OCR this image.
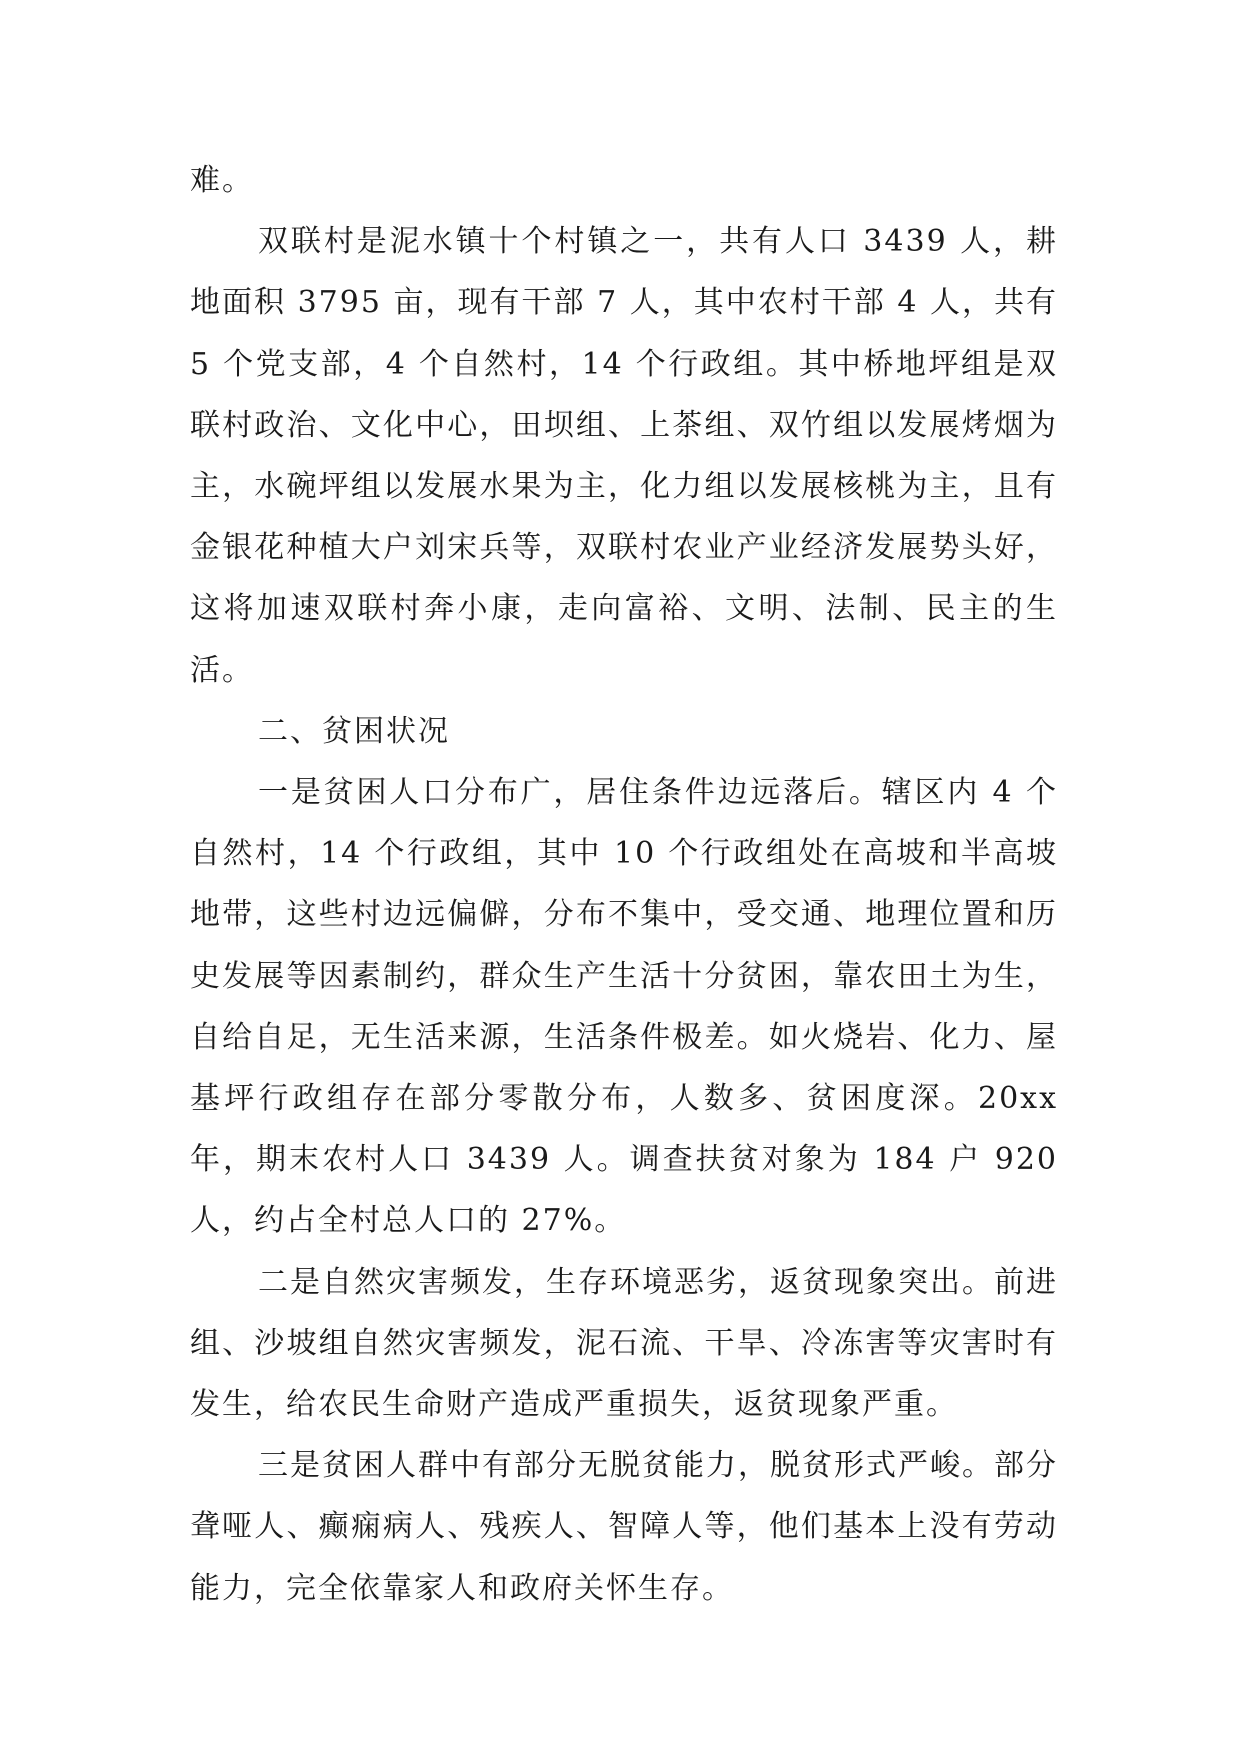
难。

双联村是泥水镇十个村镇之一，共有人口 3439 人，耕地面积 3795 亩，现有干部 7 人，其中农村干部 4 人，共有 5 个党支部，4 个自然村，14 个行政组。其中桥地坪组是双联村政治、文化中心，田坝组、上茶组、双竹组以发展烤烟为主，水碗坪组以发展水果为主，化力组以发展核桃为主，且有金银花种植大户刘宋兵等，双联村农业产业经济发展势头好，这将加速双联村奔小康，走向富裕、文明、法制、民主的生活。

二、贫困状况

一是贫困人口分布广，居住条件边远落后。辖区内 4 个自然村，14 个行政组，其中 10 个行政组处在高坡和半高坡地带，这些村边远偏僻，分布不集中，受交通、地理位置和历史发展等因素制约，群众生产生活十分贫困，靠农田土为生，自给自足，无生活来源，生活条件极差。如火烧岩、化力、屋基坪行政组存在部分零散分布，人数多、贫困度深。20xx 年，期末农村人口 3439 人。调查扶贫对象为 184 户 920 人，约占全村总人口的 27%。

二是自然灾害频发，生存环境恶劣，返贫现象突出。前进组、沙坡组自然灾害频发，泥石流、干旱、冷冻害等灾害时有发生，给农民生命财产造成严重损失，返贫现象严重。

三是贫困人群中有部分无脱贫能力，脱贫形式严峻。部分聋哑人、癫痫病人、残疾人、智障人等，他们基本上没有劳动能力，完全依靠家人和政府关怀生存。
